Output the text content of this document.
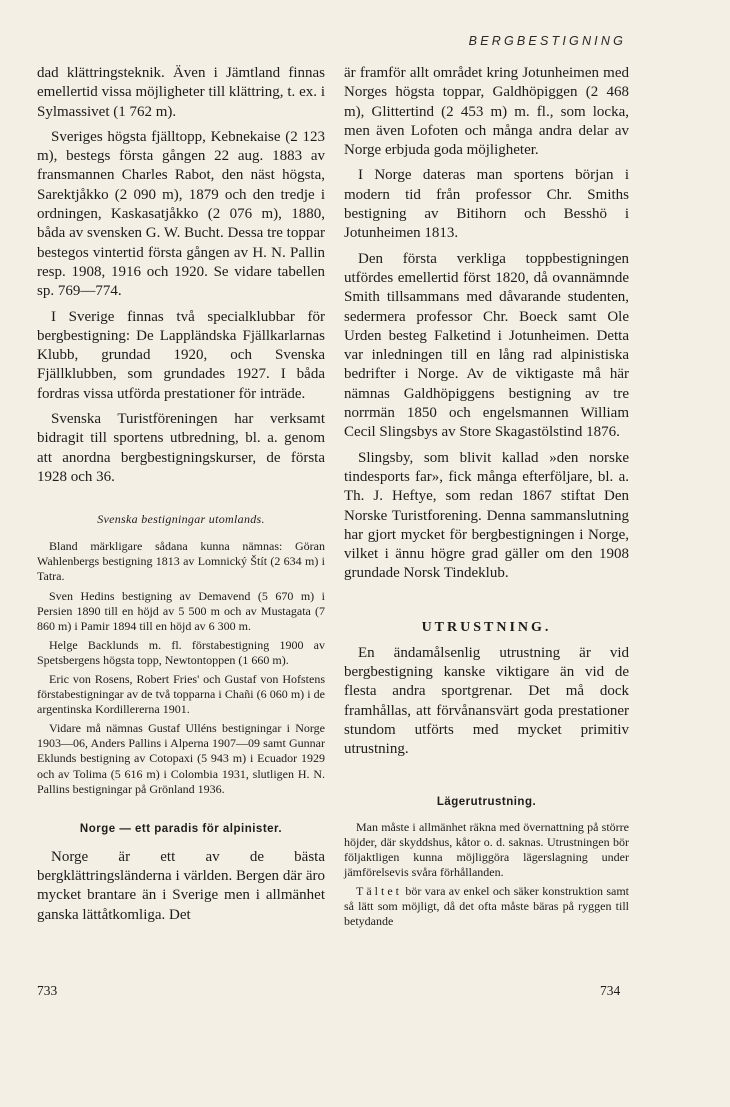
BERGBESTIGNING

dad klättringsteknik. Även i Jämtland finnas emellertid vissa möjligheter till klättring, t. ex. i Sylmassivet (1 762 m).

Sveriges högsta fjälltopp, Kebnekaise (2 123 m), bestegs första gången 22 aug. 1883 av fransmannen Charles Rabot, den näst högsta, Sarektjåkko (2 090 m), 1879 och den tredje i ordningen, Kaskasatjåkko (2 076 m), 1880, båda av svensken G. W. Bucht. Dessa tre toppar bestegos vintertid första gången av H. N. Pallin resp. 1908, 1916 och 1920. Se vidare tabellen sp. 769—774.

I Sverige finnas två specialklubbar för bergbestigning: De Lappländska Fjällkarlarnas Klubb, grundad 1920, och Svenska Fjällklubben, som grundades 1927. I båda fordras vissa utförda prestationer för inträde.

Svenska Turistföreningen har verksamt bidragit till sportens utbredning, bl. a. genom att anordna bergbestigningskurser, de första 1928 och 36.

Svenska bestigningar utomlands.

Bland märkligare sådana kunna nämnas: Göran Wahlenbergs bestigning 1813 av Lomnický Štít (2 634 m) i Tatra.

Sven Hedins bestigning av Demavend (5 670 m) i Persien 1890 till en höjd av 5 500 m och av Mustagata (7 860 m) i Pamir 1894 till en höjd av 6 300 m.

Helge Backlunds m. fl. förstabestigning 1900 av Spetsbergens högsta topp, Newtontoppen (1 660 m).

Eric von Rosens, Robert Fries' och Gustaf von Hofstens förstabestigningar av de två topparna i Chañi (6 060 m) i de argentinska Kordillererna 1901.

Vidare må nämnas Gustaf Ulléns bestigningar i Norge 1903—06, Anders Pallins i Alperna 1907—09 samt Gunnar Eklunds bestigning av Cotopaxi (5 943 m) i Ecuador 1929 och av Tolima (5 616 m) i Colombia 1931, slutligen H. N. Pallins bestigningar på Grönland 1936.

Norge — ett paradis för alpinister.

Norge är ett av de bästa bergklättringsländerna i världen. Bergen där äro mycket brantare än i Sverige men i allmänhet ganska lättåtkomliga. Det

är framför allt området kring Jotunheimen med Norges högsta toppar, Galdhöpiggen (2 468 m), Glittertind (2 453 m) m. fl., som locka, men även Lofoten och många andra delar av Norge erbjuda goda möjligheter.

I Norge dateras man sportens början i modern tid från professor Chr. Smiths bestigning av Bitihorn och Besshö i Jotunheimen 1813.

Den första verkliga toppbestigningen utfördes emellertid först 1820, då ovannämnde Smith tillsammans med dåvarande studenten, sedermera professor Chr. Boeck samt Ole Urden besteg Falketind i Jotunheimen. Detta var inledningen till en lång rad alpinistiska bedrifter i Norge. Av de viktigaste må här nämnas Galdhöpiggens bestigning av tre norrmän 1850 och engelsmannen William Cecil Slingsbys av Store Skagastölstind 1876.

Slingsby, som blivit kallad »den norske tindesports far», fick många efterföljare, bl. a. Th. J. Heftye, som redan 1867 stiftat Den Norske Turistforening. Denna sammanslutning har gjort mycket för bergbestigningen i Norge, vilket i ännu högre grad gäller om den 1908 grundade Norsk Tindeklub.

UTRUSTNING.

En ändamålsenlig utrustning är vid bergbestigning kanske viktigare än vid de flesta andra sportgrenar. Det må dock framhållas, att förvånansvärt goda prestationer stundom utförts med mycket primitiv utrustning.

Lägerutrustning.

Man måste i allmänhet räkna med övernattning på större höjder, där skyddshus, kåtor o. d. saknas. Utrustningen bör följaktligen kunna möjliggöra lägerslagning under jämförelsevis svåra förhållanden.

Tältet bör vara av enkel och säker konstruktion samt så lätt som möjligt, då det ofta måste bäras på ryggen till betydande

733	734
